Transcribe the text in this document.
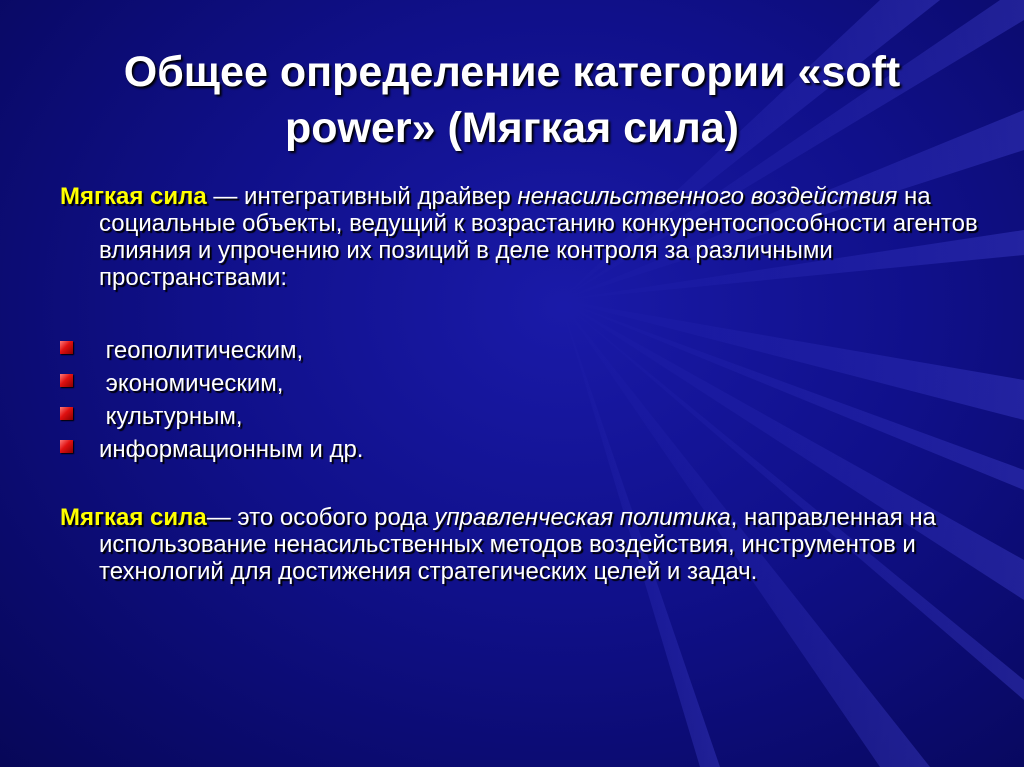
Общее определение категории «soft power» (Мягкая сила)
Мягкая сила — интегративный драйвер ненасильственного воздействия на социальные объекты, ведущий к возрастанию конкурентоспособности агентов влияния и упрочению их позиций в деле контроля за различными пространствами:
геополитическим,
экономическим,
культурным,
информационным и др.
Мягкая сила— это особого рода управленческая политика, направленная на использование ненасильственных методов воздействия, инструментов и технологий для достижения стратегических целей и задач.
